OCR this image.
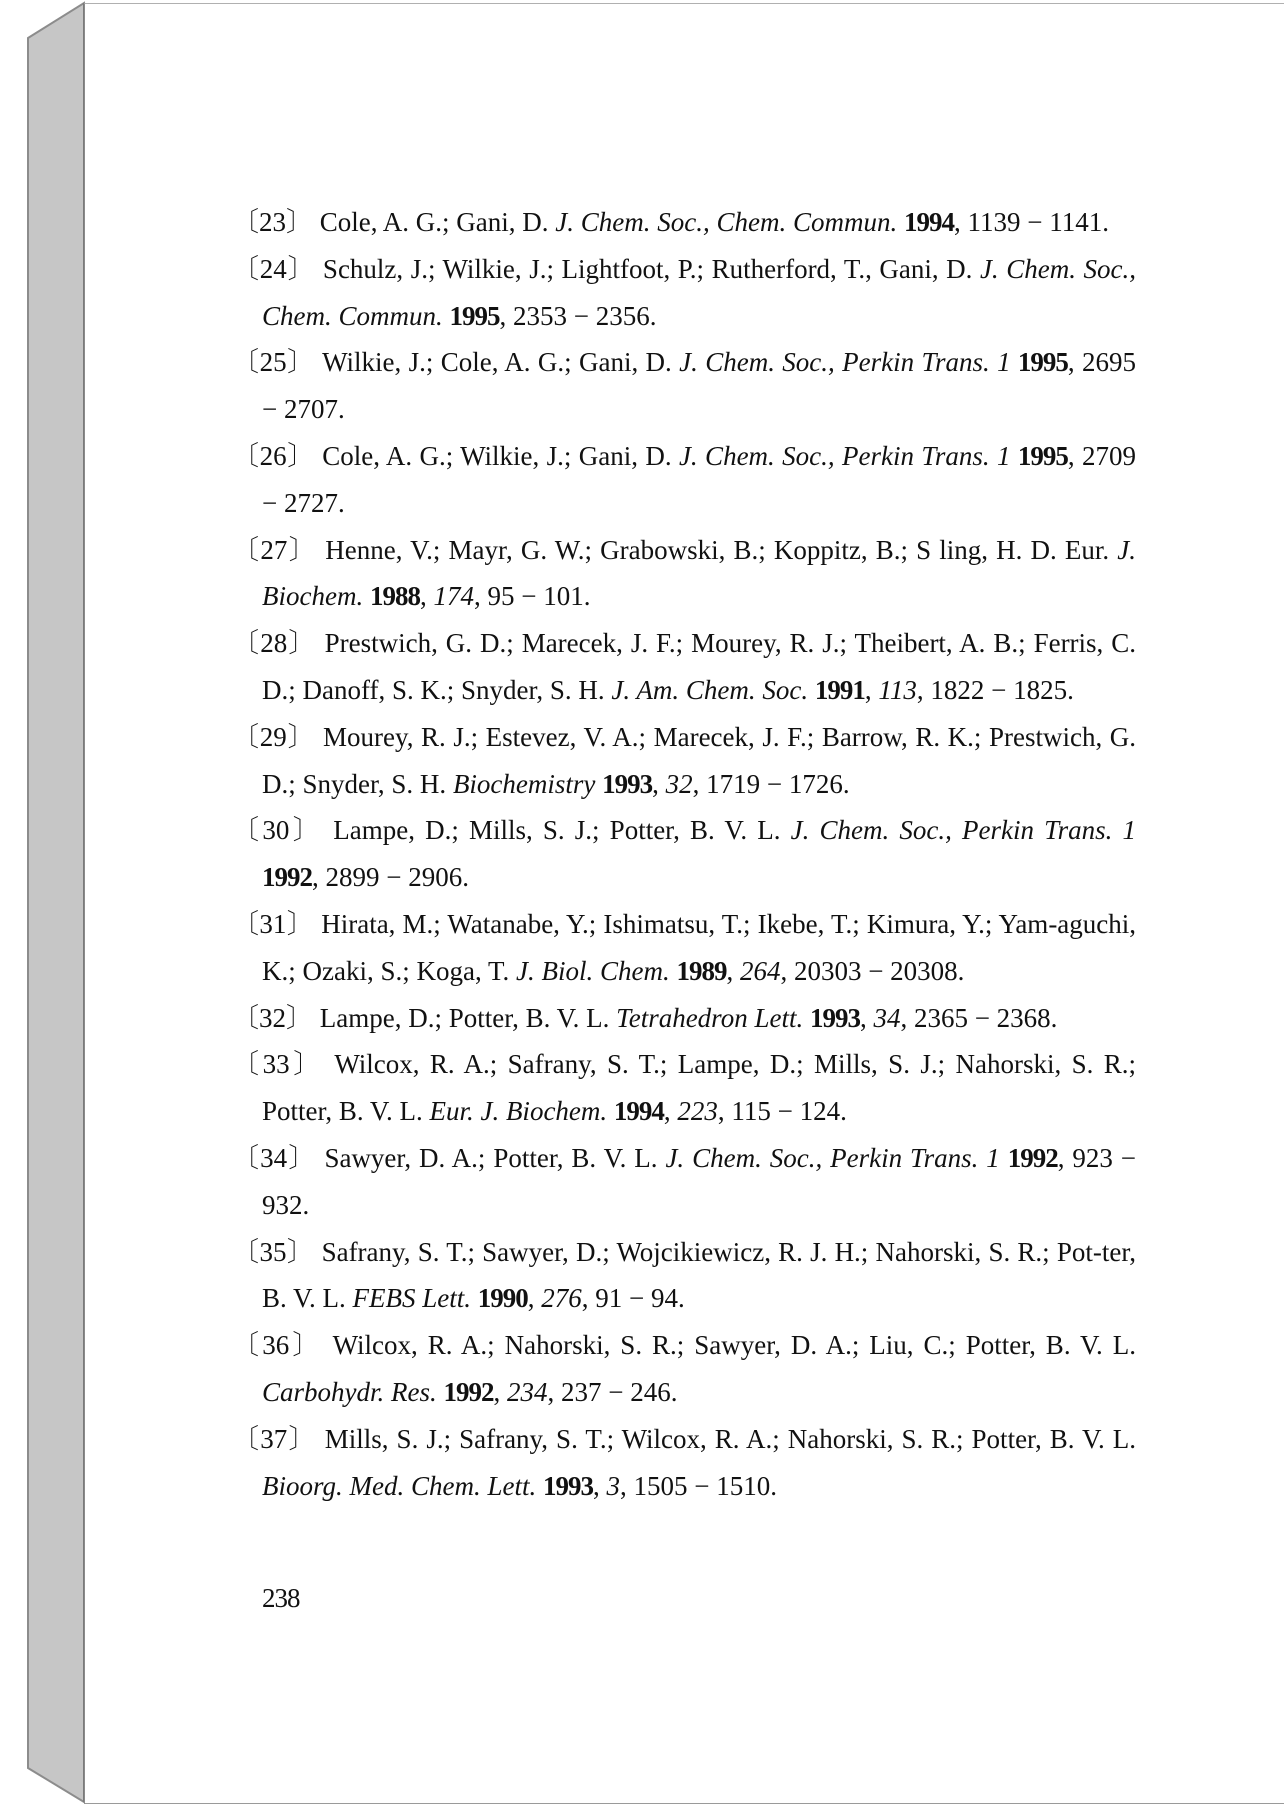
〔23〕 Cole, A. G.; Gani, D. J. Chem. Soc., Chem. Commun. 1994, 1139 − 1141.

〔24〕 Schulz, J.; Wilkie, J.; Lightfoot, P.; Rutherford, T., Gani, D. J. Chem. Soc., Chem. Commun. 1995, 2353 − 2356.

〔25〕 Wilkie, J.; Cole, A. G.; Gani, D. J. Chem. Soc., Perkin Trans. 1 1995, 2695 − 2707.

〔26〕 Cole, A. G.; Wilkie, J.; Gani, D. J. Chem. Soc., Perkin Trans. 1 1995, 2709 − 2727.

〔27〕 Henne, V.; Mayr, G. W.; Grabowski, B.; Koppitz, B.; S ling, H. D. Eur. J. Biochem. 1988, 174, 95 − 101.

〔28〕 Prestwich, G. D.; Marecek, J. F.; Mourey, R. J.; Theibert, A. B.; Ferris, C. D.; Danoff, S. K.; Snyder, S. H. J. Am. Chem. Soc. 1991, 113, 1822 − 1825.

〔29〕 Mourey, R. J.; Estevez, V. A.; Marecek, J. F.; Barrow, R. K.; Prestwich, G. D.; Snyder, S. H. Biochemistry 1993, 32, 1719 − 1726.

〔30〕 Lampe, D.; Mills, S. J.; Potter, B. V. L. J. Chem. Soc., Perkin Trans. 1 1992, 2899 − 2906.

〔31〕 Hirata, M.; Watanabe, Y.; Ishimatsu, T.; Ikebe, T.; Kimura, Y.; Yam-aguchi, K.; Ozaki, S.; Koga, T. J. Biol. Chem. 1989, 264, 20303 − 20308.

〔32〕 Lampe, D.; Potter, B. V. L. Tetrahedron Lett. 1993, 34, 2365 − 2368.

〔33〕 Wilcox, R. A.; Safrany, S. T.; Lampe, D.; Mills, S. J.; Nahorski, S. R.; Potter, B. V. L. Eur. J. Biochem. 1994, 223, 115 − 124.

〔34〕 Sawyer, D. A.; Potter, B. V. L. J. Chem. Soc., Perkin Trans. 1 1992, 923 − 932.

〔35〕 Safrany, S. T.; Sawyer, D.; Wojcikiewicz, R. J. H.; Nahorski, S. R.; Pot-ter, B. V. L. FEBS Lett. 1990, 276, 91 − 94.

〔36〕 Wilcox, R. A.; Nahorski, S. R.; Sawyer, D. A.; Liu, C.; Potter, B. V. L. Carbohydr. Res. 1992, 234, 237 − 246.

〔37〕 Mills, S. J.; Safrany, S. T.; Wilcox, R. A.; Nahorski, S. R.; Potter, B. V. L. Bioorg. Med. Chem. Lett. 1993, 3, 1505 − 1510.

238
